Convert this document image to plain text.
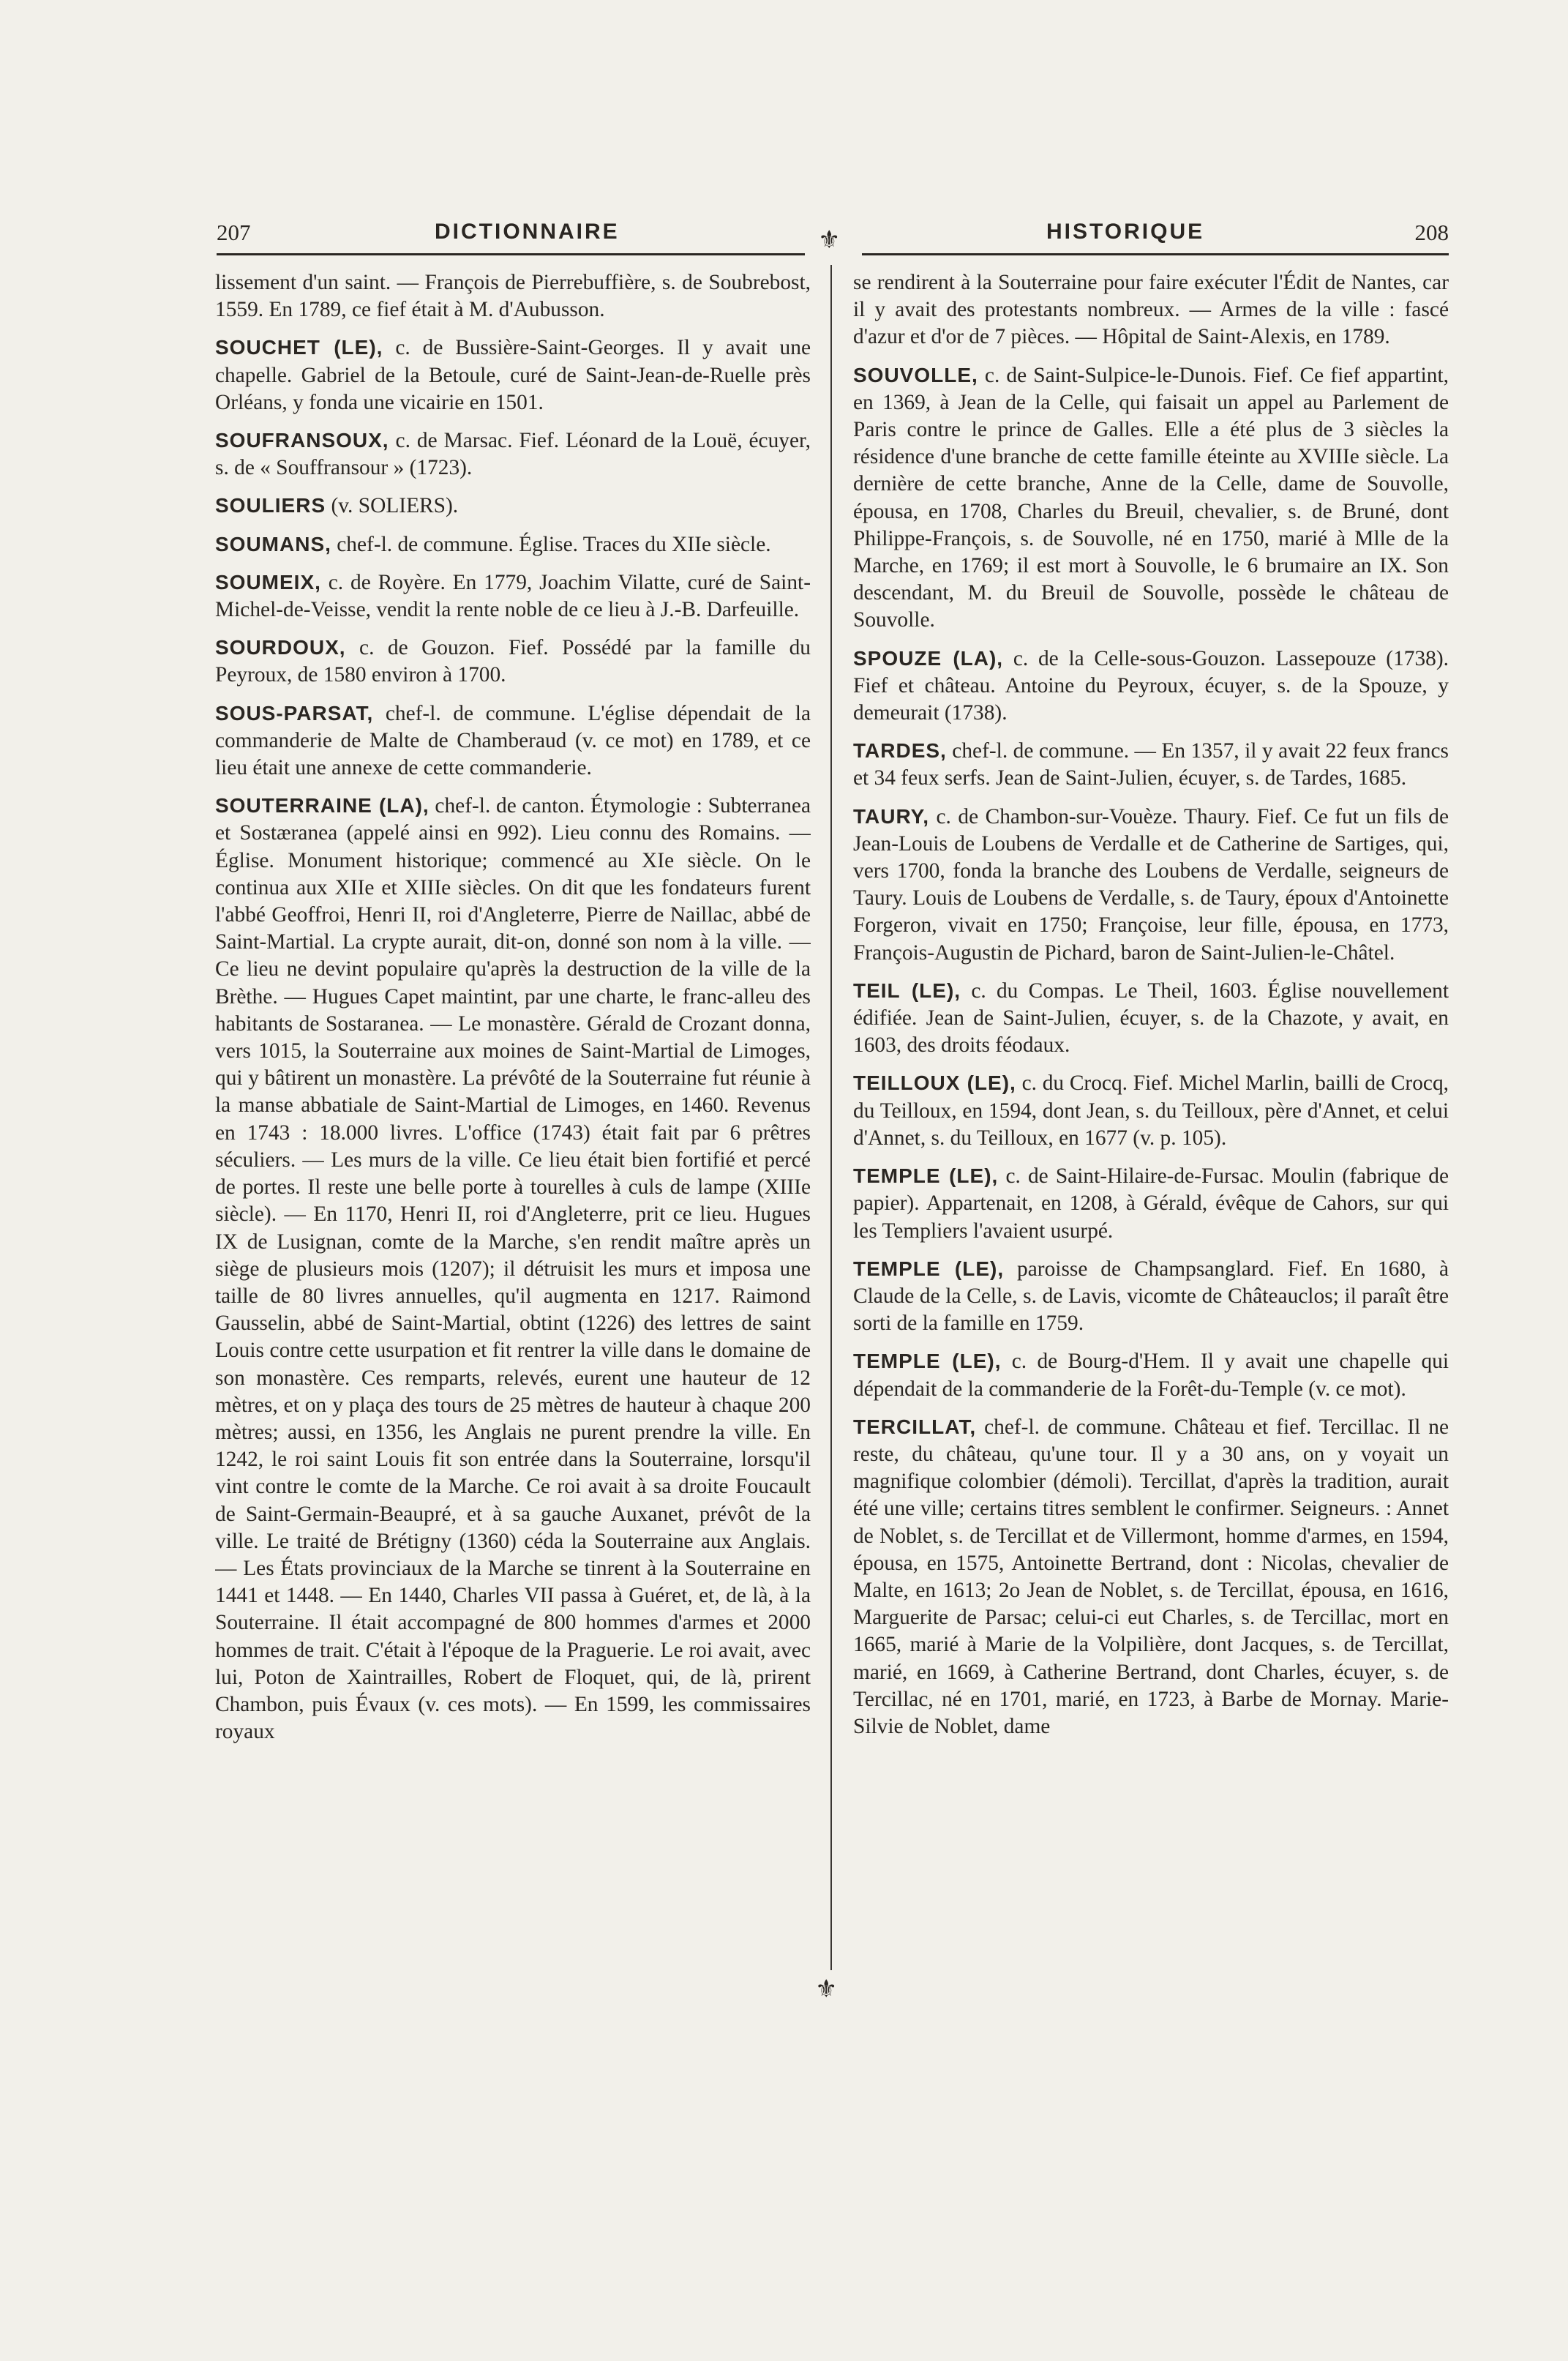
207	DICTIONNAIRE	HISTORIQUE	208
⚜
⚜

lissement d'un saint. — François de Pierrebuffière, s. de Soubrebost, 1559. En 1789, ce fief était à M. d'Aubusson.

SOUCHET (LE), c. de Bussière-Saint-Georges. Il y avait une chapelle. Gabriel de la Betoule, curé de Saint-Jean-de-Ruelle près Orléans, y fonda une vicairie en 1501.

SOUFRANSOUX, c. de Marsac. Fief. Léonard de la Louë, écuyer, s. de « Souffransour » (1723).

SOULIERS (v. SOLIERS).

SOUMANS, chef-l. de commune. Église. Traces du XIIe siècle.

SOUMEIX, c. de Royère. En 1779, Joachim Vilatte, curé de Saint-Michel-de-Veisse, vendit la rente noble de ce lieu à J.-B. Darfeuille.

SOURDOUX, c. de Gouzon. Fief. Possédé par la famille du Peyroux, de 1580 environ à 1700.

SOUS-PARSAT, chef-l. de commune. L'église dépendait de la commanderie de Malte de Chamberaud (v. ce mot) en 1789, et ce lieu était une annexe de cette commanderie.

SOUTERRAINE (LA), chef-l. de canton. Étymologie : Subterranea et Sostæranea (appelé ainsi en 992). Lieu connu des Romains. — Église. Monument historique; commencé au XIe siècle. On le continua aux XIIe et XIIIe siècles. On dit que les fondateurs furent l'abbé Geoffroi, Henri II, roi d'Angleterre, Pierre de Naillac, abbé de Saint-Martial. La crypte aurait, dit-on, donné son nom à la ville. — Ce lieu ne devint populaire qu'après la destruction de la ville de la Brèthe. — Hugues Capet maintint, par une charte, le franc-alleu des habitants de Sostaranea. — Le monastère. Gérald de Crozant donna, vers 1015, la Souterraine aux moines de Saint-Martial de Limoges, qui y bâtirent un monastère. La prévôté de la Souterraine fut réunie à la manse abbatiale de Saint-Martial de Limoges, en 1460. Revenus en 1743 : 18.000 livres. L'office (1743) était fait par 6 prêtres séculiers. — Les murs de la ville. Ce lieu était bien fortifié et percé de portes. Il reste une belle porte à tourelles à culs de lampe (XIIIe siècle). — En 1170, Henri II, roi d'Angleterre, prit ce lieu. Hugues IX de Lusignan, comte de la Marche, s'en rendit maître après un siège de plusieurs mois (1207); il détruisit les murs et imposa une taille de 80 livres annuelles, qu'il augmenta en 1217. Raimond Gausselin, abbé de Saint-Martial, obtint (1226) des lettres de saint Louis contre cette usurpation et fit rentrer la ville dans le domaine de son monastère. Ces remparts, relevés, eurent une hauteur de 12 mètres, et on y plaça des tours de 25 mètres de hauteur à chaque 200 mètres; aussi, en 1356, les Anglais ne purent prendre la ville. En 1242, le roi saint Louis fit son entrée dans la Souterraine, lorsqu'il vint contre le comte de la Marche. Ce roi avait à sa droite Foucault de Saint-Germain-Beaupré, et à sa gauche Auxanet, prévôt de la ville. Le traité de Brétigny (1360) céda la Souterraine aux Anglais. — Les États provinciaux de la Marche se tinrent à la Souterraine en 1441 et 1448. — En 1440, Charles VII passa à Guéret, et, de là, à la Souterraine. Il était accompagné de 800 hommes d'armes et 2000 hommes de trait. C'était à l'époque de la Praguerie. Le roi avait, avec lui, Poton de Xaintrailles, Robert de Floquet, qui, de là, prirent Chambon, puis Évaux (v. ces mots). — En 1599, les commissaires royaux

se rendirent à la Souterraine pour faire exécuter l'Édit de Nantes, car il y avait des protestants nombreux. — Armes de la ville : fascé d'azur et d'or de 7 pièces. — Hôpital de Saint-Alexis, en 1789.

SOUVOLLE, c. de Saint-Sulpice-le-Dunois. Fief. Ce fief appartint, en 1369, à Jean de la Celle, qui faisait un appel au Parlement de Paris contre le prince de Galles. Elle a été plus de 3 siècles la résidence d'une branche de cette famille éteinte au XVIIIe siècle. La dernière de cette branche, Anne de la Celle, dame de Souvolle, épousa, en 1708, Charles du Breuil, chevalier, s. de Bruné, dont Philippe-François, s. de Souvolle, né en 1750, marié à Mlle de la Marche, en 1769; il est mort à Souvolle, le 6 brumaire an IX. Son descendant, M. du Breuil de Souvolle, possède le château de Souvolle.

SPOUZE (LA), c. de la Celle-sous-Gouzon. Lassepouze (1738). Fief et château. Antoine du Peyroux, écuyer, s. de la Spouze, y demeurait (1738).

TARDES, chef-l. de commune. — En 1357, il y avait 22 feux francs et 34 feux serfs. Jean de Saint-Julien, écuyer, s. de Tardes, 1685.

TAURY, c. de Chambon-sur-Vouèze. Thaury. Fief. Ce fut un fils de Jean-Louis de Loubens de Verdalle et de Catherine de Sartiges, qui, vers 1700, fonda la branche des Loubens de Verdalle, seigneurs de Taury. Louis de Loubens de Verdalle, s. de Taury, époux d'Antoinette Forgeron, vivait en 1750; Françoise, leur fille, épousa, en 1773, François-Augustin de Pichard, baron de Saint-Julien-le-Châtel.

TEIL (LE), c. du Compas. Le Theil, 1603. Église nouvellement édifiée. Jean de Saint-Julien, écuyer, s. de la Chazote, y avait, en 1603, des droits féodaux.

TEILLOUX (LE), c. du Crocq. Fief. Michel Marlin, bailli de Crocq, du Teilloux, en 1594, dont Jean, s. du Teilloux, père d'Annet, et celui d'Annet, s. du Teilloux, en 1677 (v. p. 105).

TEMPLE (LE), c. de Saint-Hilaire-de-Fursac. Moulin (fabrique de papier). Appartenait, en 1208, à Gérald, évêque de Cahors, sur qui les Templiers l'avaient usurpé.

TEMPLE (LE), paroisse de Champsanglard. Fief. En 1680, à Claude de la Celle, s. de Lavis, vicomte de Châteauclos; il paraît être sorti de la famille en 1759.

TEMPLE (LE), c. de Bourg-d'Hem. Il y avait une chapelle qui dépendait de la commanderie de la Forêt-du-Temple (v. ce mot).

TERCILLAT, chef-l. de commune. Château et fief. Tercillac. Il ne reste, du château, qu'une tour. Il y a 30 ans, on y voyait un magnifique colombier (démoli). Tercillat, d'après la tradition, aurait été une ville; certains titres semblent le confirmer. Seigneurs. : Annet de Noblet, s. de Tercillat et de Villermont, homme d'armes, en 1594, épousa, en 1575, Antoinette Bertrand, dont : Nicolas, chevalier de Malte, en 1613; 2o Jean de Noblet, s. de Tercillat, épousa, en 1616, Marguerite de Parsac; celui-ci eut Charles, s. de Tercillac, mort en 1665, marié à Marie de la Volpilière, dont Jacques, s. de Tercillat, marié, en 1669, à Catherine Bertrand, dont Charles, écuyer, s. de Tercillac, né en 1701, marié, en 1723, à Barbe de Mornay. Marie-Silvie de Noblet, dame
